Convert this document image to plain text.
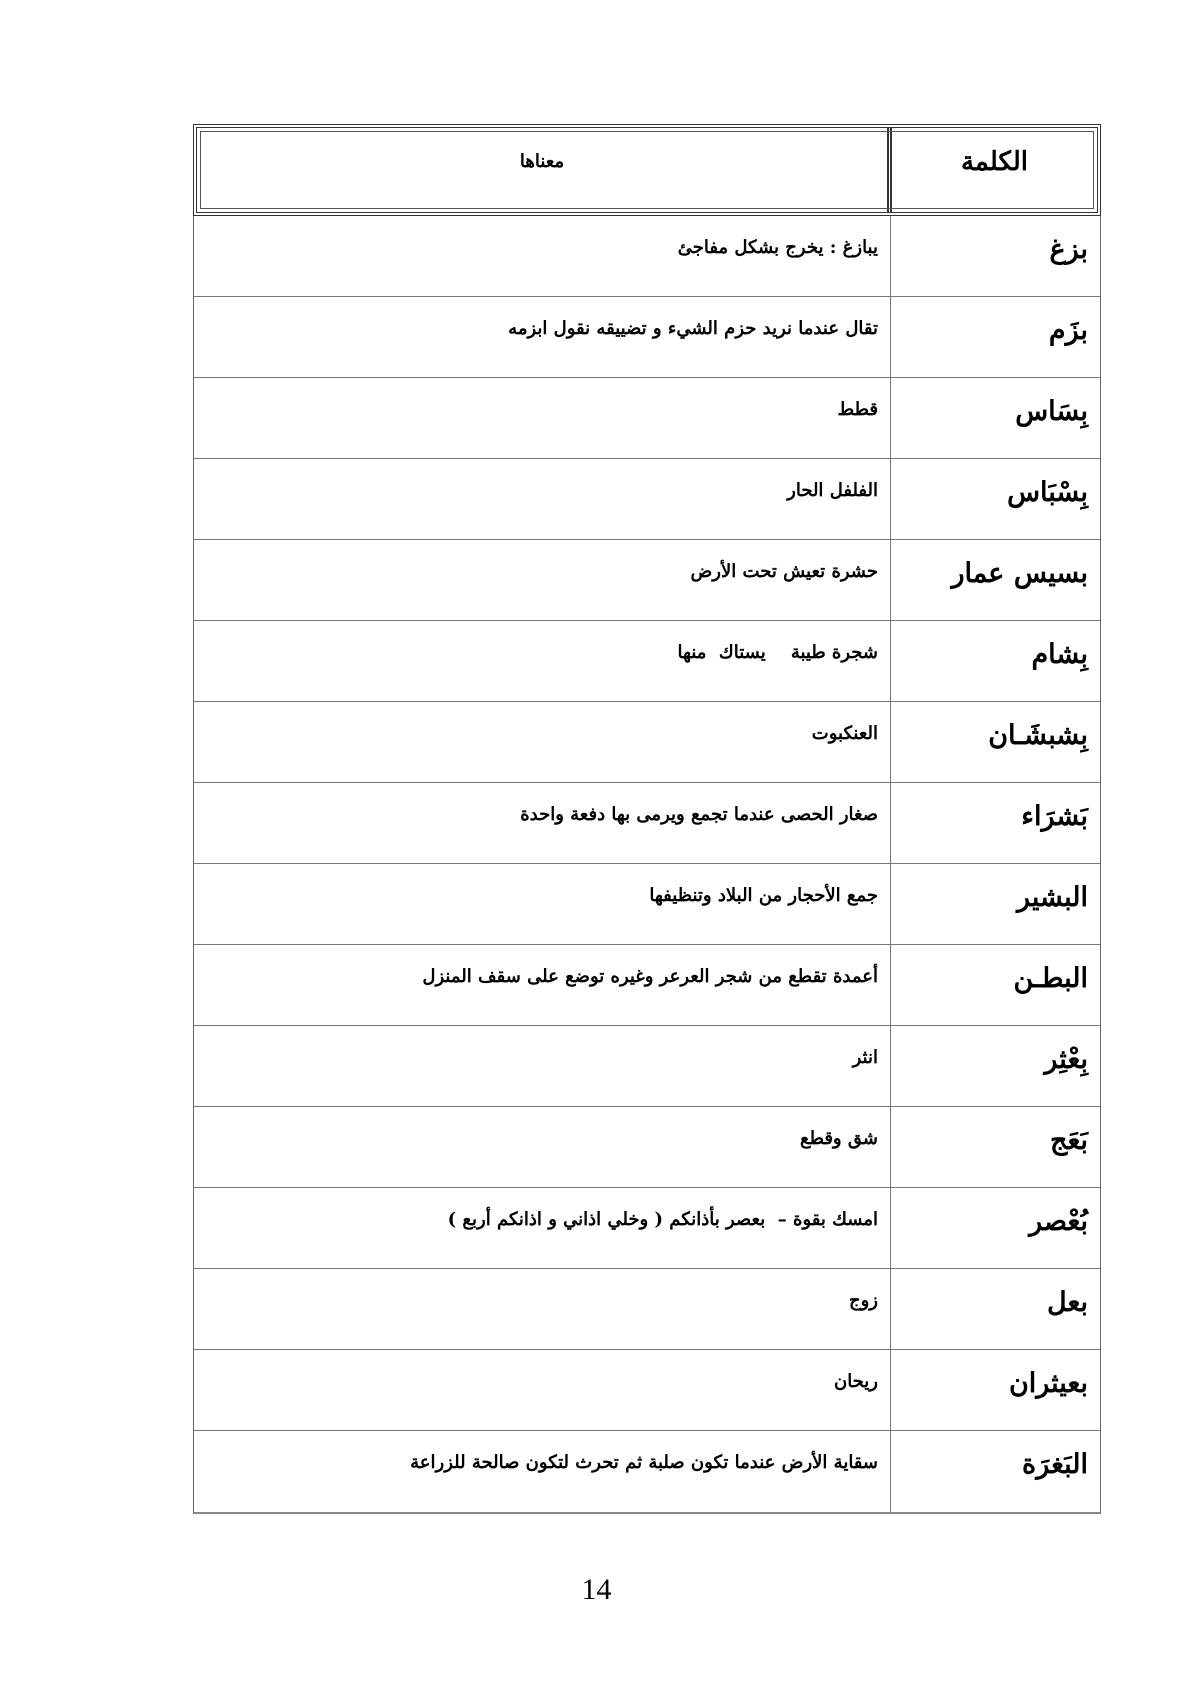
الكلمة
معناها
بزغ
يبازغ : يخرج بشكل مفاجئ
بزَم
تقال عندما نريد حزم الشيء و تضييقه نقول ابزمه
بِسَاس
قطط
بِسْبَاس
الفلفل الحار
بسيس عمار
حشرة تعيش تحت الأرض
بِشام
شجرة طيبة    يستاك  منها
بِشبشَـان
العنكبوت
بَشرَاء
صغار الحصى عندما تجمع ويرمى بها دفعة واحدة
البشير
جمع الأحجار من البلاد وتنظيفها
البطـن
أعمدة تقطع من شجر العرعر وغيره توضع على سقف المنزل
بِعْثِر
انثر
بَعَج
شق وقطع
بُعْصر
امسك بقوة –  بعصر بأذانكم ( وخلي اذاني و اذانكم أربع )
بعل
زوج
بعيثران
ريحان
البَغرَة
سقاية الأرض عندما تكون صلبة ثم تحرث لتكون صالحة للزراعة
14
